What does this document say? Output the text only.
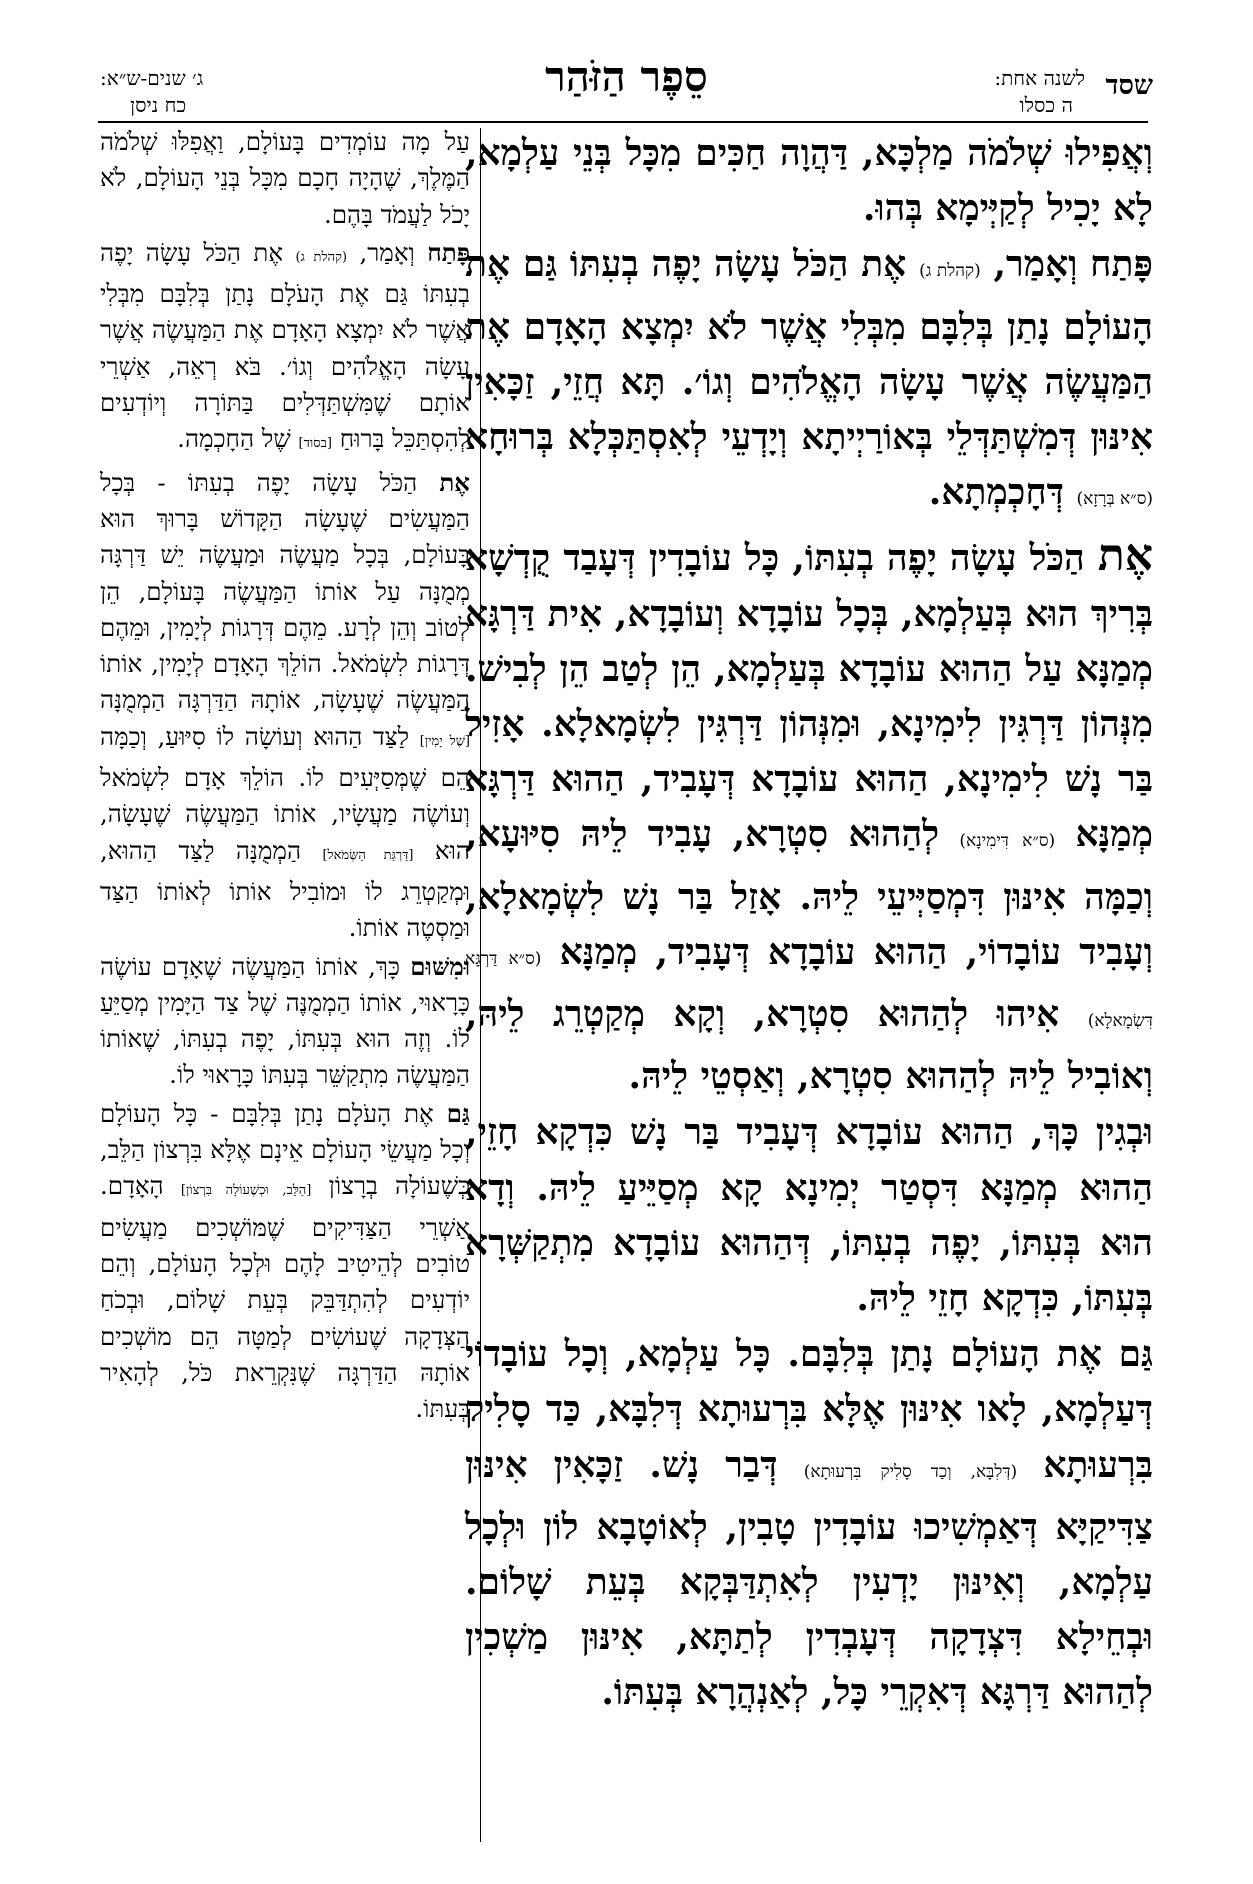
שסד
לשנה אחת:
ה כסלו
סֵפֶר הַזֹּהַר
ג׳ שנים-ש״א:
כח ניסן

וְאֲפִילוּ שְׁלֹמֹה מַלְכָּא, דַּהֲוָה חַכִּים מִכָּל בְּנֵי עַלְמָא, לָא יָכִיל לְקַיְּימָא בְּהוּ.

פָּתַח וְאָמַר, (קהלת ג) אֶת הַכֹּל עָשָׂה יָפֶה בְעִתּוֹ גַּם אֶת הָעוֹלָם נָתַן בְּלִבָּם מִבְּלִי אֲשֶׁר לֹא יִמְצָא הָאָדָם אֶת הַמַּעֲשֶׂה אֲשֶׁר עָשָׂה הָאֱלֹהִים וְגוֹ׳. תָּא חֲזֵי, זַכָּאִין אִינּוּן דְּמִשְׁתַּדְּלֵי בְּאוֹרַיְיתָא וְיָדְעֵי לְאִסְתַּכְּלָא בְּרוּחָא (ס״א בְּרָזָא) דְּחָכְמְתָא.

אֶת הַכֹּל עָשָׂה יָפֶה בְעִתּוֹ, כָּל עוֹבָדִין דְּעָבַד קֻדְשָׁא בְּרִיךְ הוּא בְּעַלְמָא, בְּכָל עוֹבָדָא וְעוֹבָדָא, אִית דַּרְגָּא מְמַנָּא עַל הַהוּא עוֹבָדָא בְּעַלְמָא, הֵן לְטַב הֵן לְבִישׁ. מִנְּהוֹן דַּרְגִּין לִימִינָא, וּמִנְּהוֹן דַּרְגִּין לִשְׂמָאלָא. אָזִיל בַּר נָשׁ לִימִינָא, הַהוּא עוֹבָדָא דְּעָבִיד, הַהוּא דַּרְגָּא מְמַנָּא (ס״א דִּימִינָא) לְהַהוּא סִטְרָא, עָבִיד לֵיהּ סִיּוּעָא, וְכַמָּה אִינּוּן דִּמְסַיְּיעֵי לֵיהּ. אָזַל בַּר נָשׁ לִשְׂמָאלָא, וְעָבִיד עוֹבָדוֹי, הַהוּא עוֹבָדָא דְּעָבִיד, מְמַנָּא (ס״א דַּרְגָּא דִּשְׂמָאלָא) אִיהוּ לְהַהוּא סִטְרָא, וְקָא מְקַטְרֵג לֵיהּ, וְאוֹבִיל לֵיהּ לְהַהוּא סִטְרָא, וְאַסְטֵי לֵיהּ.

וּבְגִין כָּךְ, הַהוּא עוֹבָדָא דְּעָבִיד בַּר נָשׁ כִּדְקָא חָזֵי, הַהוּא מְמַנָּא דִּסְטַר יְמִינָא קָא מְסַיֵּיעַ לֵיהּ. וְדָא הוּא בְּעִתּוֹ, יָפֶה בְעִתּוֹ, דְּהַהוּא עוֹבָדָא מִתְקַשְּׁרָא בְּעִתּוֹ, כִּדְקָא חָזֵי לֵיהּ.

גַּם אֶת הָעוֹלָם נָתַן בְּלִבָּם. כָּל עַלְמָא, וְכָל עוֹבָדוֹי דְּעַלְמָא, לָאו אִינּוּן אֶלָּא בִּרְעוּתָא דְּלִבָּא, כַּד סָלִיק בִּרְעוּתָא (דְּלִבָּא, וְכַד סָלִיק בִּרְעוּתָא) דְּבַר נָשׁ. זַכָּאִין אִינּוּן צַדִּיקַיָּא דְּאַמְשִׁיכוּ עוֹבָדִין טָבִין, לְאוֹטָבָא לוֹן וּלְכָל עַלְמָא, וְאִינּוּן יָדְעִין לְאִתְדַּבְּקָא בְּעֵת שָׁלוֹם. וּבְחֵילָא דִּצְדָקָה דְּעָבְדִין לְתַתָּא, אִינּוּן מַשְׁכִין לְהַהוּא דַּרְגָּא דְּאִקְרֵי כָּל, לְאַנְהֲרָא בְּעִתּוֹ.

עַל מָה עוֹמְדִים בָּעוֹלָם, וַאֲפִלּוּ שְׁלֹמֹה הַמֶּלֶךְ, שֶׁהָיָה חָכָם מִכָּל בְּנֵי הָעוֹלָם, לֹא יָכֹל לַעֲמֹד בָּהֶם.

פָּתַח וְאָמַר, (קהלת ג) אֶת הַכֹּל עָשָׂה יָפֶה בְעִתּוֹ גַּם אֶת הָעֹלָם נָתַן בְּלִבָּם מִבְּלִי אֲשֶׁר לֹא יִמְצָא הָאָדָם אֶת הַמַּעֲשֶׂה אֲשֶׁר עָשָׂה הָאֱלֹהִים וְגוֹ׳. בֹּא רְאֵה, אַשְׁרֵי אוֹתָם שֶׁמִּשְׁתַּדְּלִים בַּתּוֹרָה וְיוֹדְעִים לְהִסְתַּכֵּל בָּרוּחַ [בסוד] שֶׁל הַחָכְמָה.

אֶת הַכֹּל עָשָׂה יָפֶה בְעִתּוֹ - בְּכָל הַמַּעֲשִׂים שֶׁעָשָׂה הַקָּדוֹשׁ בָּרוּךְ הוּא בָּעוֹלָם, בְּכָל מַעֲשֶׂה וּמַעֲשֶׂה יֵשׁ דַּרְגָּה מְמֻנָּה עַל אוֹתוֹ הַמַּעֲשֶׂה בָּעוֹלָם, הֵן לְטוֹב וְהֵן לְרָע. מֵהֶם דְּרָגוֹת לְיָמִין, וּמֵהֶם דְּרָגוֹת לִשְׂמֹאל. הוֹלֵךְ הָאָדָם לְיָמִין, אוֹתוֹ הַמַּעֲשֶׂה שֶׁעָשָׂה, אוֹתָהּ הַדַּרְגָּה הַמְמֻנָּה [שֶׁל יָמִין] לַצַּד הַהוּא וְעוֹשָׂה לוֹ סִיּוּעַ, וְכַמָּה הֵם שֶׁמְּסַיְּעִים לוֹ. הוֹלֵךְ אָדָם לִשְׂמֹאל וְעוֹשֶׂה מַעֲשָׂיו, אוֹתוֹ הַמַּעֲשֶׂה שֶׁעָשָׂה, הוּא [דַּרְגַּת הַשְּׂמֹאל] הַמְמֻנָּה לַצַּד הַהוּא, וּמְקַטְרֵג לוֹ וּמוֹבִיל אוֹתוֹ לְאוֹתוֹ הַצַּד וּמַסְטֶה אוֹתוֹ.

וּמִשּׁוּם כָּךְ, אוֹתוֹ הַמַּעֲשֶׂה שֶׁאָדָם עוֹשֶׂה כָּרָאוּי, אוֹתוֹ הַמְמֻנֶּה שֶׁל צַד הַיָּמִין מְסַיֵּעַ לוֹ. וְזֶה הוּא בְּעִתּוֹ, יָפֶה בְעִתּוֹ, שֶׁאוֹתוֹ הַמַּעֲשֶׂה מִתְקַשֵּׁר בְּעִתּוֹ כָּרָאוּי לוֹ.

גַּם אֶת הָעֹלָם נָתַן בְּלִבָּם - כָּל הָעוֹלָם וְכָל מַעֲשֵׂי הָעוֹלָם אֵינָם אֶלָּא בִּרְצוֹן הַלֵּב, כְּשֶׁעוֹלָה בְרָצוֹן [הַלֵּב, וּכְשֶׁעוֹלָה בִּרְצוֹן] הָאָדָם. אַשְׁרֵי הַצַּדִּיקִים שֶׁמּוֹשְׁכִים מַעֲשִׂים טוֹבִים לְהֵיטִיב לָהֶם וּלְכָל הָעוֹלָם, וְהֵם יוֹדְעִים לְהִתְדַּבֵּק בְּעֵת שָׁלוֹם, וּבְכֹחַ הַצְּדָקָה שֶׁעוֹשִׂים לְמַטָּה הֵם מוֹשְׁכִים אוֹתָהּ הַדַּרְגָּה שֶׁנִּקְרֵאת כֹּל, לְהָאִיר בְּעִתּוֹ.
